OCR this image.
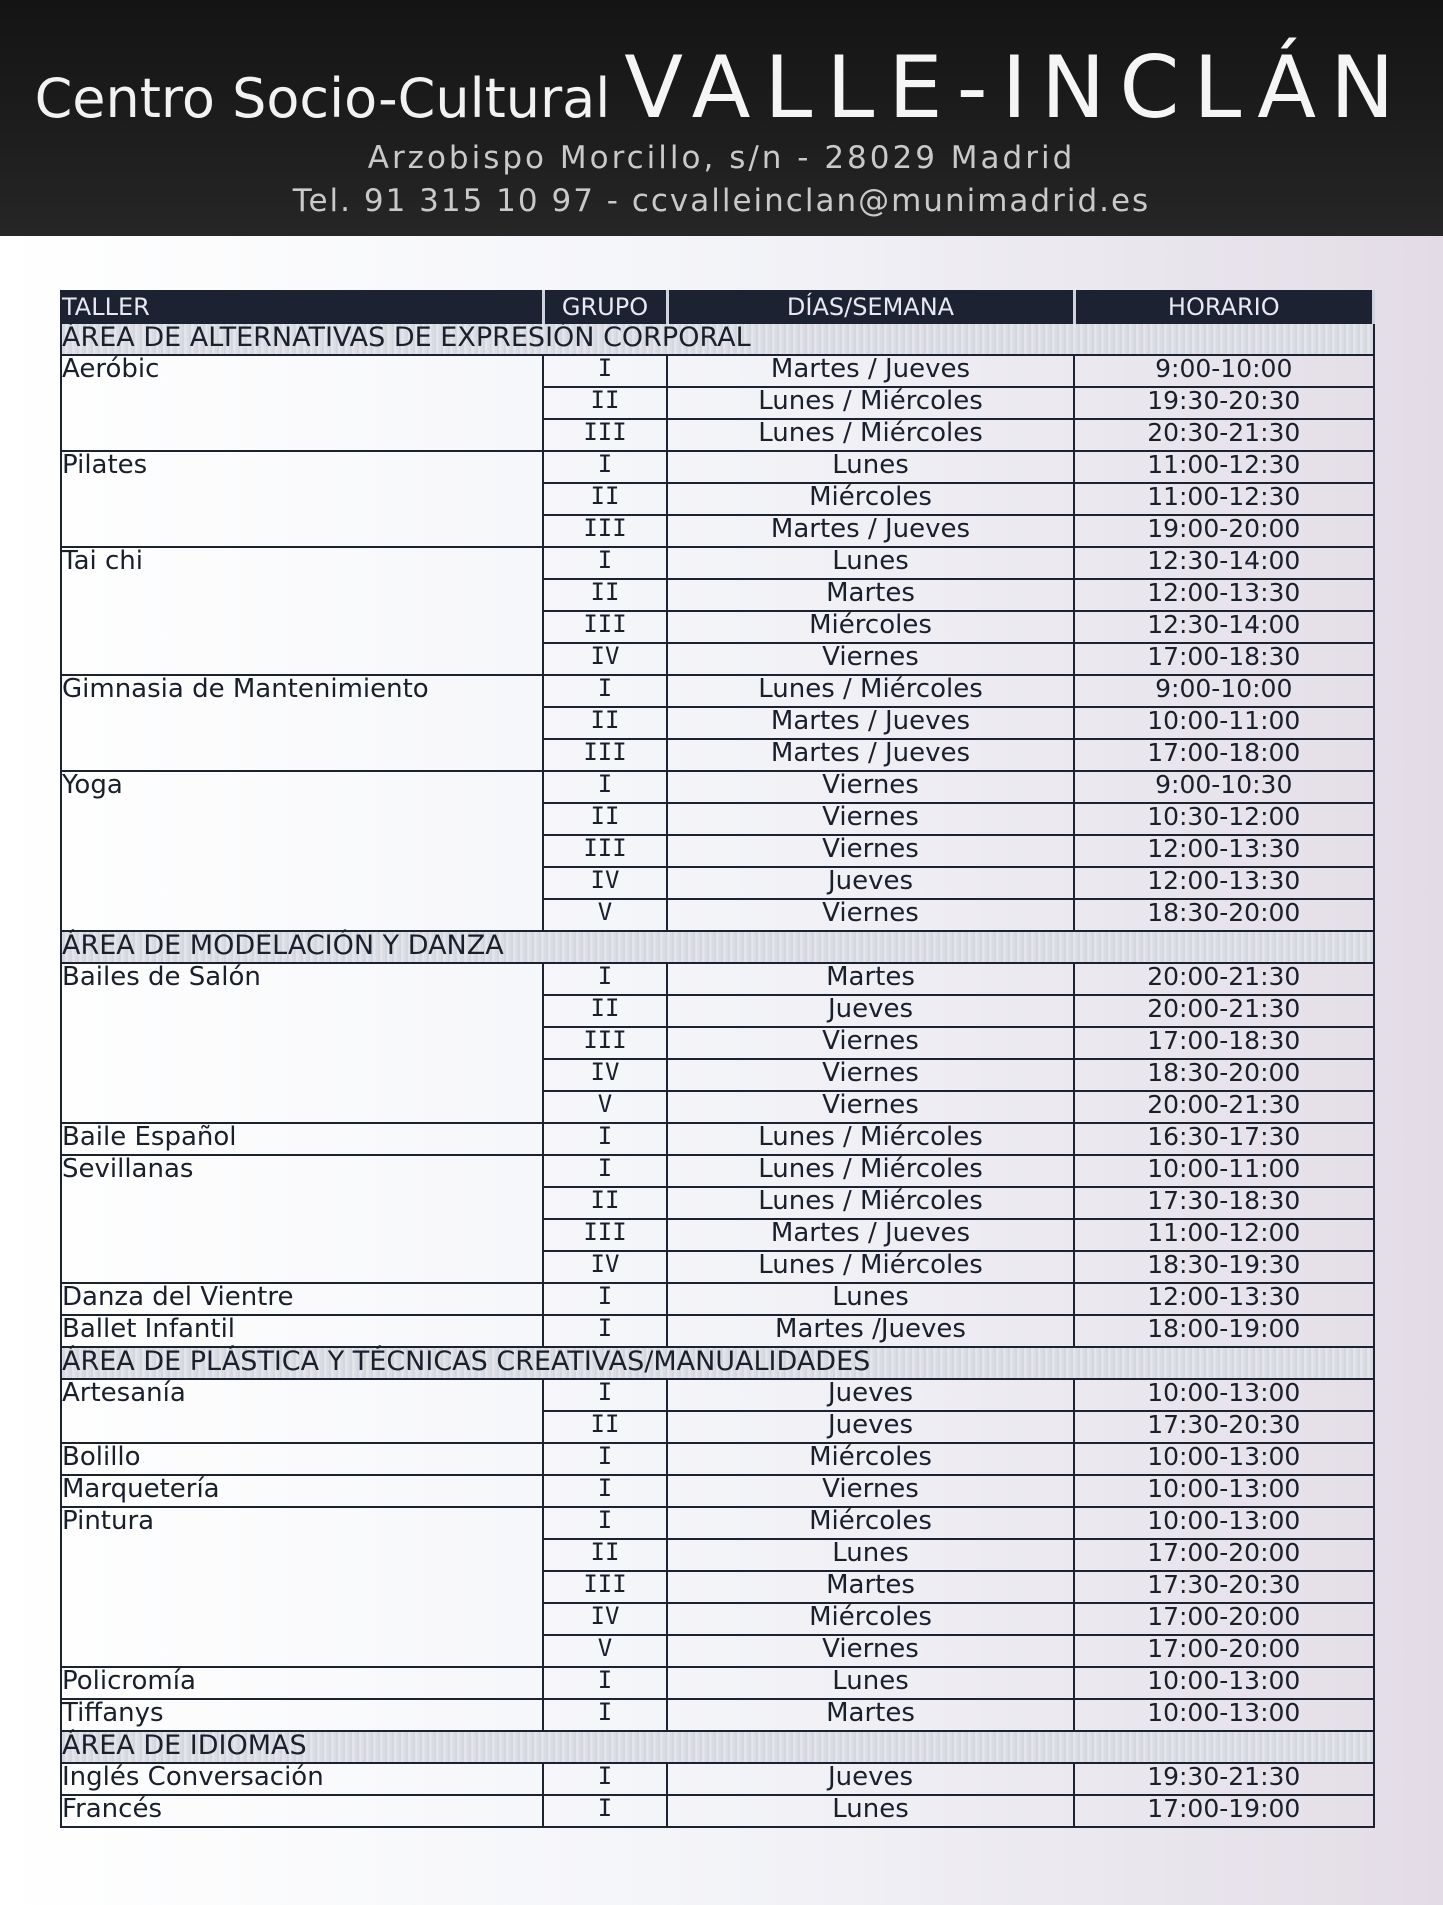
Centro Socio-Cultural VALLE-INCLÁN
Arzobispo Morcillo, s/n - 28029 Madrid
Tel. 91 315 10 97 - ccvalleinclan@munimadrid.es
TALLER	GRUPO	DÍAS/SEMANA	HORARIO
ÁREA DE ALTERNATIVAS DE EXPRESIÓN CORPORAL			
Aeróbic	I	Martes / Jueves	9:00-10:00
	II	Lunes / Miércoles	19:30-20:30
	III	Lunes / Miércoles	20:30-21:30
Pilates	I	Lunes	11:00-12:30
	II	Miércoles	11:00-12:30
	III	Martes / Jueves	19:00-20:00
Tai chi	I	Lunes	12:30-14:00
	II	Martes	12:00-13:30
	III	Miércoles	12:30-14:00
	IV	Viernes	17:00-18:30
Gimnasia de Mantenimiento	I	Lunes / Miércoles	9:00-10:00
	II	Martes / Jueves	10:00-11:00
	III	Martes / Jueves	17:00-18:00
Yoga	I	Viernes	9:00-10:30
	II	Viernes	10:30-12:00
	III	Viernes	12:00-13:30
	IV	Jueves	12:00-13:30
	V	Viernes	18:30-20:00
ÁREA DE MODELACIÓN Y DANZA			
Bailes de Salón	I	Martes	20:00-21:30
	II	Jueves	20:00-21:30
	III	Viernes	17:00-18:30
	IV	Viernes	18:30-20:00
	V	Viernes	20:00-21:30
Baile Español	I	Lunes / Miércoles	16:30-17:30
Sevillanas	I	Lunes / Miércoles	10:00-11:00
	II	Lunes / Miércoles	17:30-18:30
	III	Martes / Jueves	11:00-12:00
	IV	Lunes / Miércoles	18:30-19:30
Danza del Vientre	I	Lunes	12:00-13:30
Ballet Infantil	I	Martes /Jueves	18:00-19:00
ÁREA DE PLÁSTICA Y TÉCNICAS CREATIVAS/MANUALIDADES			
Artesanía	I	Jueves	10:00-13:00
	II	Jueves	17:30-20:30
Bolillo	I	Miércoles	10:00-13:00
Marquetería	I	Viernes	10:00-13:00
Pintura	I	Miércoles	10:00-13:00
	II	Lunes	17:00-20:00
	III	Martes	17:30-20:30
	IV	Miércoles	17:00-20:00
	V	Viernes	17:00-20:00
Policromía	I	Lunes	10:00-13:00
Tiffanys	I	Martes	10:00-13:00
ÁREA DE IDIOMAS			
Inglés Conversación	I	Jueves	19:30-21:30
Francés	I	Lunes	17:00-19:00
